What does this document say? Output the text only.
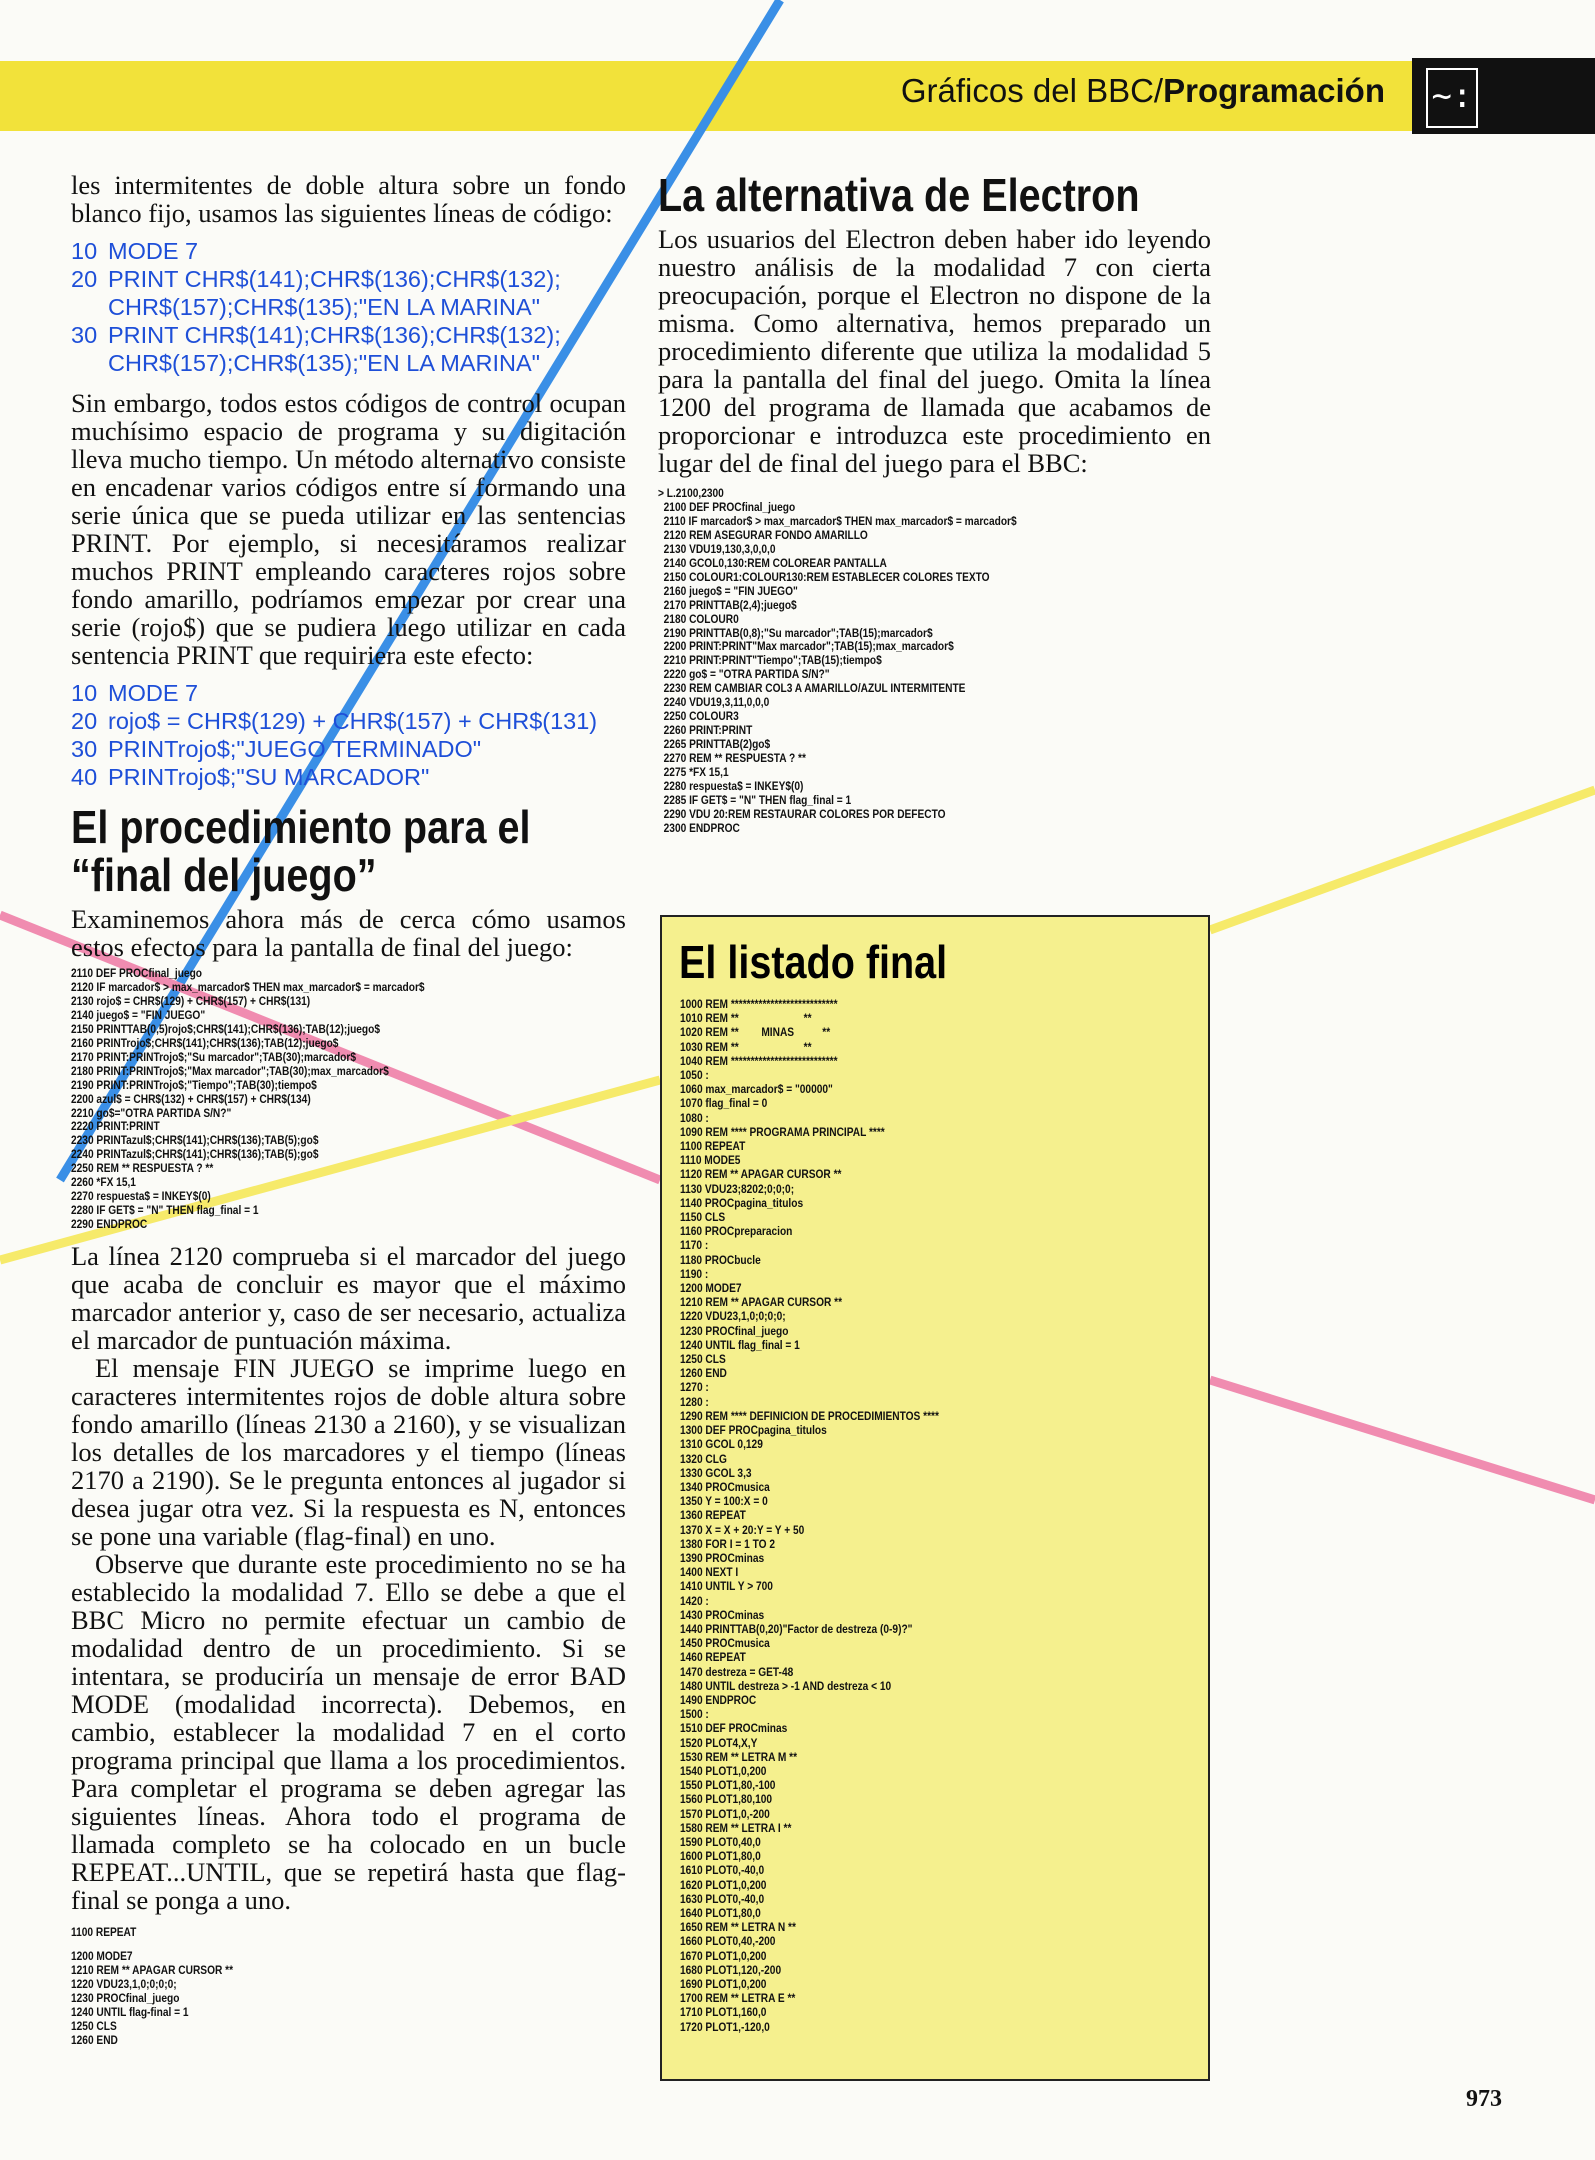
Gráficos del BBC/Programación ~:

les intermitentes de doble altura sobre un fondo blanco fijo, usamos las siguientes líneas de código:

10 MODE 7
20 PRINT CHR$(141);CHR$(136);CHR$(132);
CHR$(157);CHR$(135);"EN LA MARINA"
30 PRINT CHR$(141);CHR$(136);CHR$(132);
CHR$(157);CHR$(135);"EN LA MARINA"

Sin embargo, todos estos códigos de control ocupan muchísimo espacio de programa y su digitación lleva mucho tiempo. Un método alternativo consiste en encadenar varios códigos entre sí formando una serie única que se pueda utilizar en las sentencias PRINT. Por ejemplo, si necesitáramos realizar muchos PRINT empleando caracteres rojos sobre fondo amarillo, podríamos empezar por crear una serie (rojo$) que se pudiera luego utilizar en cada sentencia PRINT que requiriera este efecto:

10 MODE 7
20 rojo$ = CHR$(129) + CHR$(157) + CHR$(131)
30 PRINTrojo$;"JUEGO TERMINADO"
40 PRINTrojo$;"SU MARCADOR"
El procedimiento para el “final del juego”

Examinemos ahora más de cerca cómo usamos estos efectos para la pantalla de final del juego:

2110 DEF PROCfinal_juego
2120 IF marcador$ > max_marcador$ THEN max_marcador$ = marcador$
2130 rojo$ = CHR$(129) + CHR$(157) + CHR$(131)
2140 juego$ = "FIN JUEGO"
2150 PRINTTAB(0,5)rojo$;CHR$(141);CHR$(136);TAB(12);juego$
2160 PRINTrojo$;CHR$(141);CHR$(136);TAB(12);juego$
2170 PRINT:PRINTrojo$;"Su marcador";TAB(30);marcador$
2180 PRINT:PRINTrojo$;"Max marcador";TAB(30);max_marcador$
2190 PRINT:PRINTrojo$;"Tiempo";TAB(30);tiempo$
2200 azul$ = CHR$(132) + CHR$(157) + CHR$(134)
2210 go$="OTRA PARTIDA S/N?"
2220 PRINT:PRINT
2230 PRINTazul$;CHR$(141);CHR$(136);TAB(5);go$
2240 PRINTazul$;CHR$(141);CHR$(136);TAB(5);go$
2250 REM ** RESPUESTA ? **
2260 *FX 15,1
2270 respuesta$ = INKEY$(0)
2280 IF GET$ = "N" THEN flag_final = 1
2290 ENDPROC

La línea 2120 comprueba si el marcador del juego que acaba de concluir es mayor que el máximo marcador anterior y, caso de ser necesario, actualiza el marcador de puntuación máxima.

El mensaje FIN JUEGO se imprime luego en caracteres intermitentes rojos de doble altura sobre fondo amarillo (líneas 2130 a 2160), y se visualizan los detalles de los marcadores y el tiempo (líneas 2170 a 2190). Se le pregunta entonces al jugador si desea jugar otra vez. Si la respuesta es N, entonces se pone una variable (flag-final) en uno.

Observe que durante este procedimiento no se ha establecido la modalidad 7. Ello se debe a que el BBC Micro no permite efectuar un cambio de modalidad dentro de un procedimiento. Si se intentara, se produciría un mensaje de error BAD MODE (modalidad incorrecta). Debemos, en cambio, establecer la modalidad 7 en el corto programa principal que llama a los procedimientos. Para completar el programa se deben agregar las siguientes líneas. Ahora todo el programa de llamada completo se ha colocado en un bucle REPEAT...UNTIL, que se repetirá hasta que flag-final se ponga a uno.

1100 REPEAT
1200 MODE7
1210 REM ** APAGAR CURSOR **
1220 VDU23,1,0;0;0;0;
1230 PROCfinal_juego
1240 UNTIL flag-final = 1
1250 CLS
1260 END
La alternativa de Electron

Los usuarios del Electron deben haber ido leyendo nuestro análisis de la modalidad 7 con cierta preocupación, porque el Electron no dispone de la misma. Como alternativa, hemos preparado un procedimiento diferente que utiliza la modalidad 5 para la pantalla del final del juego. Omita la línea 1200 del programa de llamada que acabamos de proporcionar e introduzca este procedimiento en lugar del de final del juego para el BBC:

> L.2100,2300
2100 DEF PROCfinal_juego
2110 IF marcador$ > max_marcador$ THEN max_marcador$ = marcador$
2120 REM ASEGURAR FONDO AMARILLO
2130 VDU19,130,3,0,0,0
2140 GCOL0,130:REM COLOREAR PANTALLA
2150 COLOUR1:COLOUR130:REM ESTABLECER COLORES TEXTO
2160 juego$ = "FIN JUEGO"
2170 PRINTTAB(2,4);juego$
2180 COLOUR0
2190 PRINTTAB(0,8);"Su marcador";TAB(15);marcador$
2200 PRINT:PRINT"Max marcador";TAB(15);max_marcador$
2210 PRINT:PRINT"Tiempo";TAB(15);tiempo$
2220 go$ = "OTRA PARTIDA S/N?"
2230 REM CAMBIAR COL3 A AMARILLO/AZUL INTERMITENTE
2240 VDU19,3,11,0,0,0
2250 COLOUR3
2260 PRINT:PRINT
2265 PRINTTAB(2)go$
2270 REM ** RESPUESTA ? **
2275 *FX 15,1
2280 respuesta$ = INKEY$(0)
2285 IF GET$ = "N" THEN flag_final = 1
2290 VDU 20:REM RESTAURAR COLORES POR DEFECTO
2300 ENDPROC
El listado final
1000 REM ***************************
1010 REM **                       **
1020 REM **        MINAS          **
1030 REM **                       **
1040 REM ***************************
1050 :
1060 max_marcador$ = "00000"
1070 flag_final = 0
1080 :
1090 REM **** PROGRAMA PRINCIPAL ****
1100 REPEAT
1110 MODE5
1120 REM ** APAGAR CURSOR **
1130 VDU23;8202;0;0;0;
1140 PROCpagina_titulos
1150 CLS
1160 PROCpreparacion
1170 :
1180 PROCbucle
1190 :
1200 MODE7
1210 REM ** APAGAR CURSOR **
1220 VDU23,1,0;0;0;0;
1230 PROCfinal_juego
1240 UNTIL flag_final = 1
1250 CLS
1260 END
1270 :
1280 :
1290 REM **** DEFINICION DE PROCEDIMIENTOS ****
1300 DEF PROCpagina_titulos
1310 GCOL 0,129
1320 CLG
1330 GCOL 3,3
1340 PROCmusica
1350 Y = 100:X = 0
1360 REPEAT
1370 X = X + 20:Y = Y + 50
1380 FOR I = 1 TO 2
1390 PROCminas
1400 NEXT I
1410 UNTIL Y > 700
1420 :
1430 PROCminas
1440 PRINTTAB(0,20)"Factor de destreza (0-9)?"
1450 PROCmusica
1460 REPEAT
1470 destreza = GET-48
1480 UNTIL destreza > -1 AND destreza < 10
1490 ENDPROC
1500 :
1510 DEF PROCminas
1520 PLOT4,X,Y
1530 REM ** LETRA M **
1540 PLOT1,0,200
1550 PLOT1,80,-100
1560 PLOT1,80,100
1570 PLOT1,0,-200
1580 REM ** LETRA I **
1590 PLOT0,40,0
1600 PLOT1,80,0
1610 PLOT0,-40,0
1620 PLOT1,0,200
1630 PLOT0,-40,0
1640 PLOT1,80,0
1650 REM ** LETRA N **
1660 PLOT0,40,-200
1670 PLOT1,0,200
1680 PLOT1,120,-200
1690 PLOT1,0,200
1700 REM ** LETRA E **
1710 PLOT1,160,0
1720 PLOT1,-120,0
973
